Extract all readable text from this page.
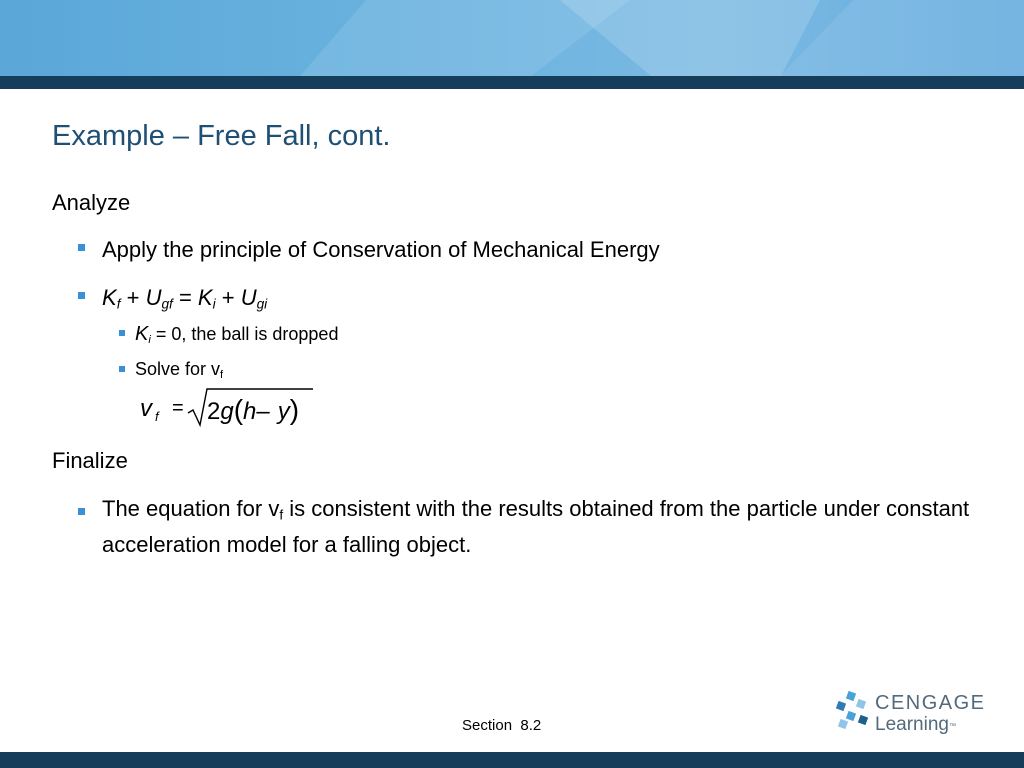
Example – Free Fall, cont.
Analyze
Apply the principle of Conservation of Mechanical Energy
$K_f + U_{gf} = K_i + U_{gi}$
$K_i = 0$, the ball is dropped
Solve for $v_f$
v f = 2g(h– y)
Finalize
The equation for $v_f$ is consistent with the results obtained from the particle under constant acceleration model for a falling object.
Section 8.2
CENGAGE
Learning™
